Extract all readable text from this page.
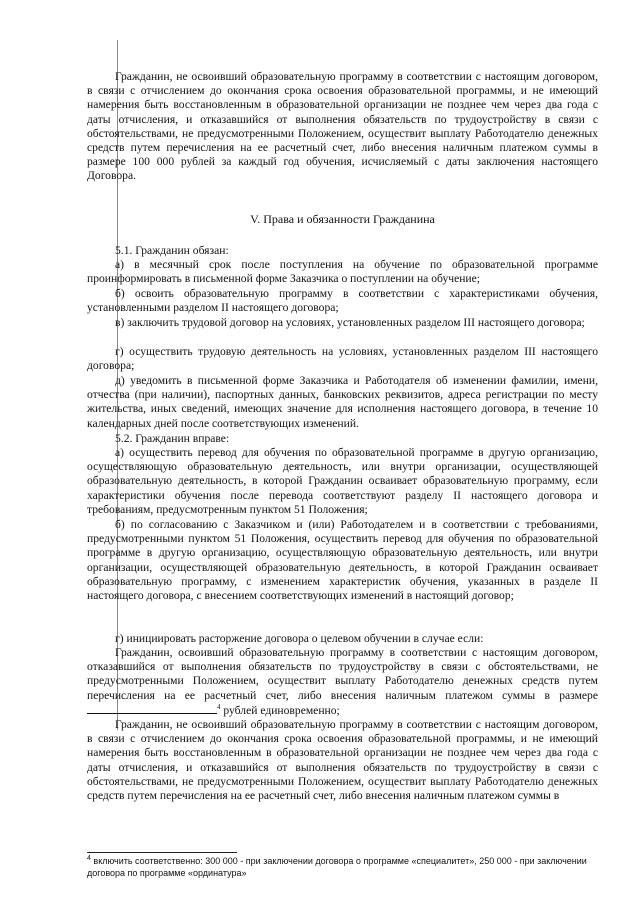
Гражданин, не освоивший образовательную программу в соответствии с настоящим договором, в связи с отчислением до окончания срока освоения образовательной программы, и не имеющий намерения быть восстановленным в образовательной организации не позднее чем через два года с даты отчисления, и отказавшийся от выполнения обязательств по трудоустройству в связи с обстоятельствами, не предусмотренными Положением, осуществит выплату Работодателю денежных средств путем перечисления на ее расчетный счет, либо внесения наличным платежом суммы в размере 100 000 рублей за каждый год обучения, исчисляемый с даты заключения настоящего Договора.

V. Права и обязанности Гражданина

5.1. Гражданин обязан:

а) в месячный срок после поступления на обучение по образовательной программе проинформировать в письменной форме Заказчика о поступлении на обучение;

б) освоить образовательную программу в соответствии с характеристиками обучения, установленными разделом II настоящего договора;

в) заключить трудовой договор на условиях, установленных разделом III настоящего договора;

г) осуществить трудовую деятельность на условиях, установленных разделом III настоящего договора;

д) уведомить в письменной форме Заказчика и Работодателя об изменении фамилии, имени, отчества (при наличии), паспортных данных, банковских реквизитов, адреса регистрации по месту жительства, иных сведений, имеющих значение для исполнения настоящего договора, в течение 10 календарных дней после соответствующих изменений.

5.2. Гражданин вправе:

а) осуществить перевод для обучения по образовательной программе в другую организацию, осуществляющую образовательную деятельность, или внутри организации, осуществляющей образовательную деятельность, в которой Гражданин осваивает образовательную программу, если характеристики обучения после перевода соответствуют разделу II настоящего договора и требованиям, предусмотренным пунктом 51 Положения;

б) по согласованию с Заказчиком и (или) Работодателем и в соответствии с требованиями, предусмотренными пунктом 51 Положения, осуществить перевод для обучения по образовательной программе в другую организацию, осуществляющую образовательную деятельность, или внутри организации, осуществляющей образовательную деятельность, в которой Гражданин осваивает образовательную программу, с изменением характеристик обучения, указанных в разделе II настоящего договора, с внесением соответствующих изменений в настоящий договор;

г) инициировать расторжение договора о целевом обучении в случае если:

Гражданин, освоивший образовательную программу в соответствии с настоящим договором, отказавшийся от выполнения обязательств по трудоустройству в связи с обстоятельствами, не предусмотренными Положением, осуществит выплату Работодателю денежных средств путем перечисления на ее расчетный счет, либо внесения наличным платежом суммы в размере $^4$ рублей единовременно;

Гражданин, не освоивший образовательную программу в соответствии с настоящим договором, в связи с отчислением до окончания срока освоения образовательной программы, и не имеющий намерения быть восстановленным в образовательной организации не позднее чем через два года с даты отчисления, и отказавшийся от выполнения обязательств по трудоустройству в связи с обстоятельствами, не предусмотренными Положением, осуществит выплату Работодателю денежных средств путем перечисления на ее расчетный счет, либо внесения наличным платежом суммы в

$^4$ включить соответственно: 300 000 - при заключении договора о программе «специалитет», 250 000 - при заключении договора по программе «ординатура»
